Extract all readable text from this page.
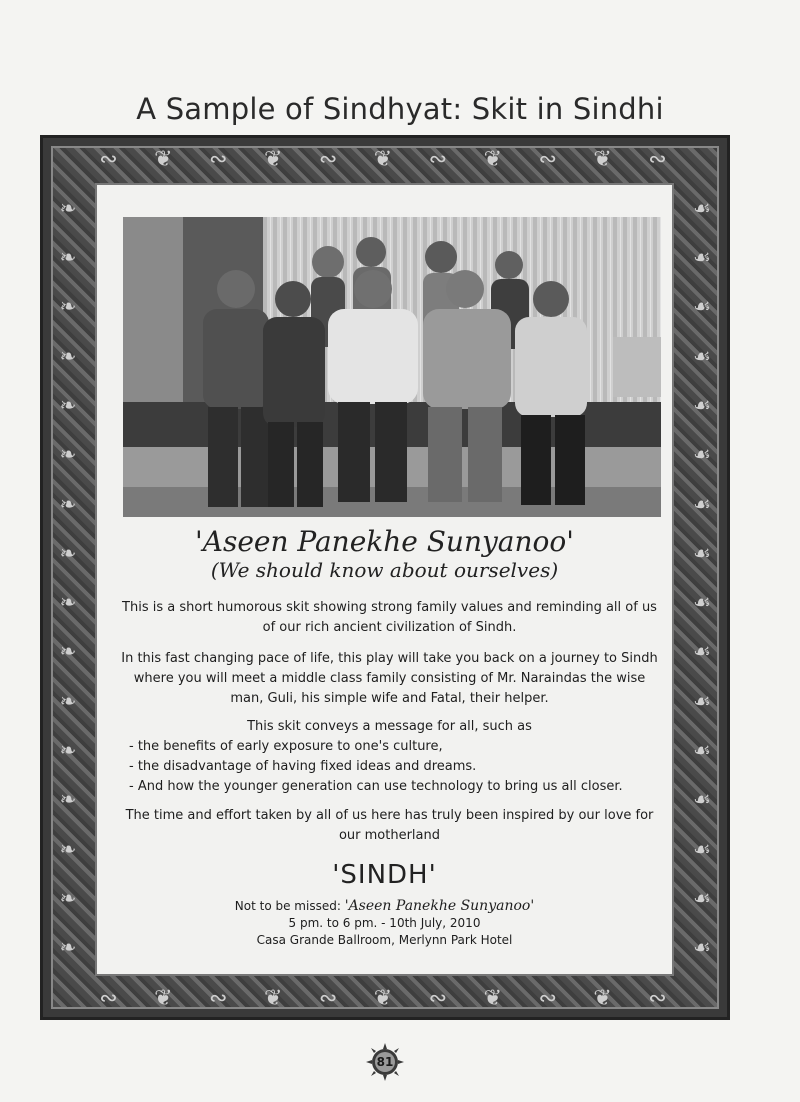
A Sample of Sindhyat: Skit in Sindhi
∾ ❦ ∾ ❦ ∾ ❦ ∾ ❦ ∾ ❦ ∾
❧
❧
❧
❧
❧
❧
❧
❧
❧
❧
❧
❧
❧
❧
❧
❧
☙
☙
☙
☙
☙
☙
☙
☙
☙
☙
☙
☙
☙
☙
☙
☙
∾ ❦ ∾ ❦ ∾ ❦ ∾ ❦ ∾ ❦ ∾
'Aseen Panekhe Sunyanoo'
(We should know about ourselves)
This is a short humorous skit showing strong family values and reminding all of us of our rich ancient civilization of Sindh.
In this fast changing pace of life, this play will take you back on a journey to Sindh where you will meet a middle class family consisting of Mr. Naraindas the wise man, Guli, his simple wife and Fatal, their helper.
This skit conveys a message for all, such as
- the benefits of early exposure to one's culture,
- the disadvantage of having fixed ideas and dreams.
- And how the younger generation can use technology to bring us all closer.
The time and effort taken by all of us here has truly been inspired by our love for our motherland
'SINDH'
Not to be missed: 'Aseen Panekhe Sunyanoo'
5 pm. to 6 pm. - 10th July, 2010
Casa Grande Ballroom, Merlynn Park Hotel
81
